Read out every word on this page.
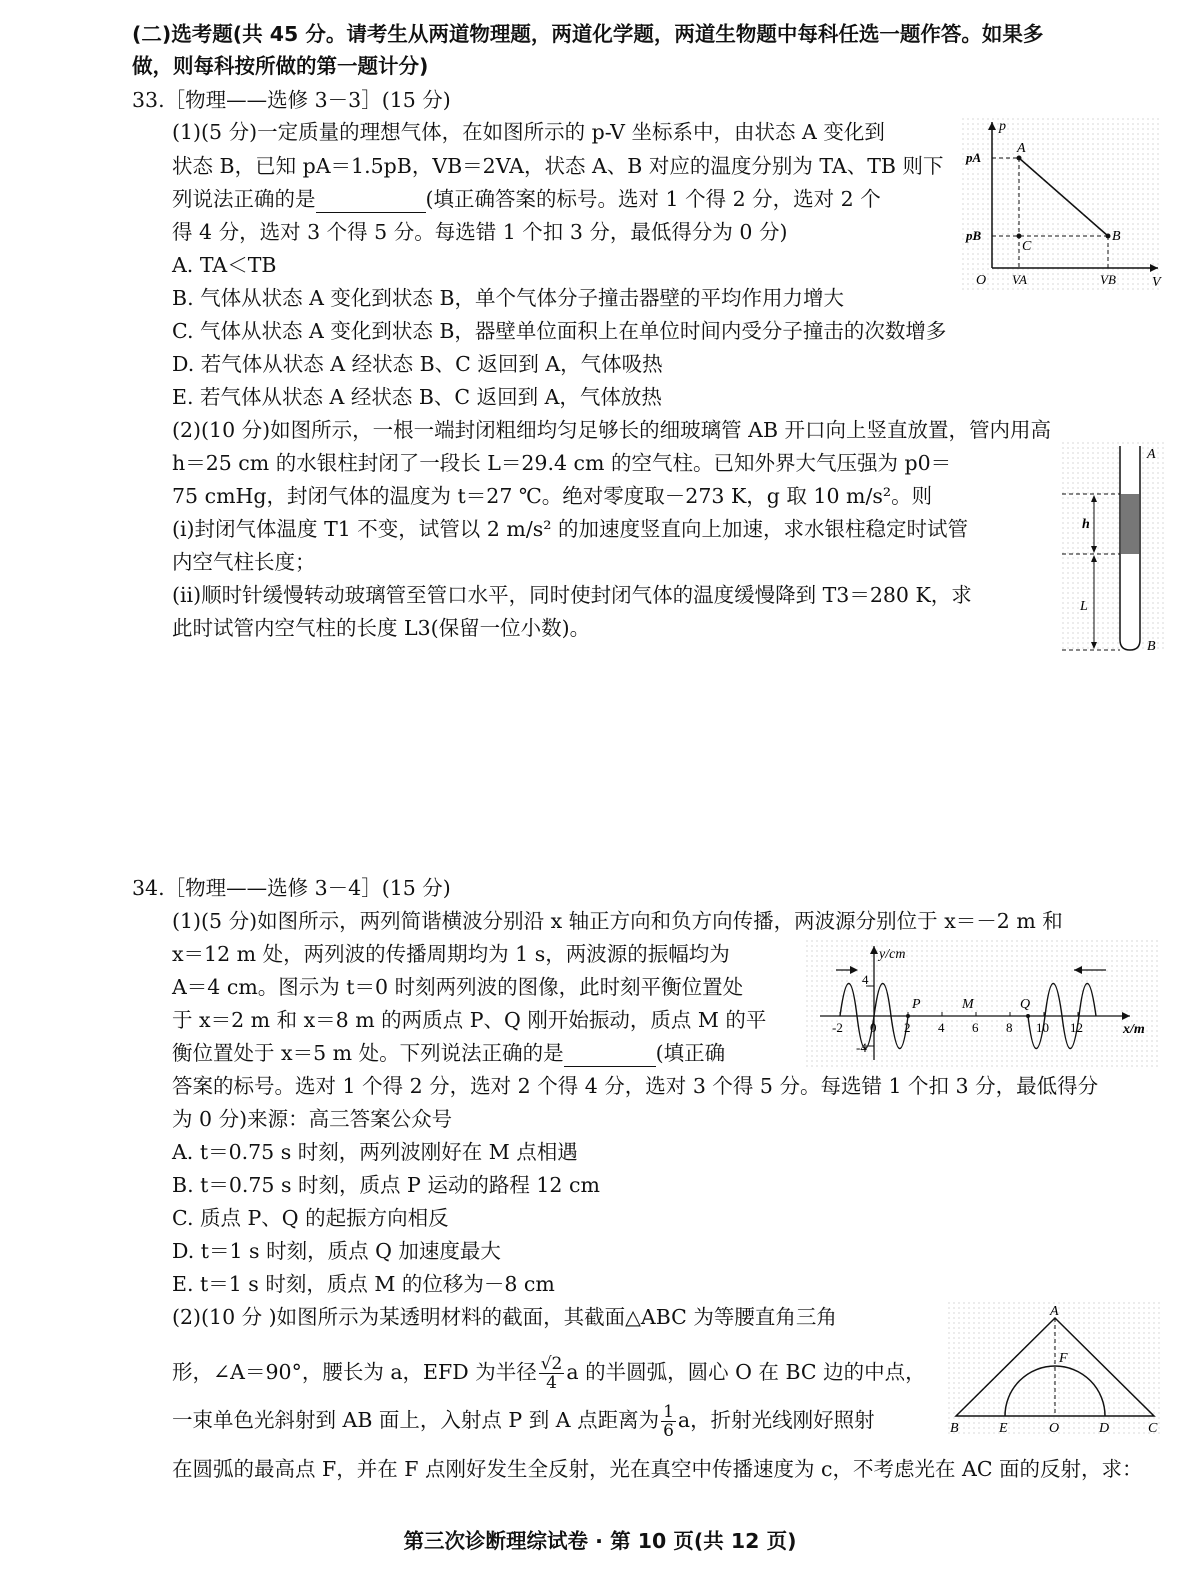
(二)选考题(共 45 分。请考生从两道物理题，两道化学题，两道生物题中每科任选一题作答。如果多
做，则每科按所做的第一题计分)
33.［物理——选修 3－3］(15 分)
(1)(5 分)一定质量的理想气体，在如图所示的 p-V 坐标系中，由状态 A 变化到
状态 B，已知 pA＝1.5pB，VB＝2VA，状态 A、B 对应的温度分别为 TA、TB 则下
列说法正确的是	(填正确答案的标号。选对 1 个得 2 分，选对 2 个
得 4 分，选对 3 个得 5 分。每选错 1 个扣 3 分，最低得分为 0 分)
A. TA＜TB
B. 气体从状态 A 变化到状态 B，单个气体分子撞击器壁的平均作用力增大
C. 气体从状态 A 变化到状态 B，器壁单位面积上在单位时间内受分子撞击的次数增多
D. 若气体从状态 A 经状态 B、C 返回到 A，气体吸热
E. 若气体从状态 A 经状态 B、C 返回到 A，气体放热
(2)(10 分)如图所示，一根一端封闭粗细均匀足够长的细玻璃管 AB 开口向上竖直放置，管内用高
h＝25 cm 的水银柱封闭了一段长 L＝29.4 cm 的空气柱。已知外界大气压强为 p0＝
75 cmHg，封闭气体的温度为 t＝27 ℃。绝对零度取－273 K，g 取 10 m/s²。则
(i)封闭气体温度 T1 不变，试管以 2 m/s² 的加速度竖直向上加速，求水银柱稳定时试管
内空气柱长度；
(ii)顺时针缓慢转动玻璃管至管口水平，同时使封闭气体的温度缓慢降到 T3＝280 K，求
此时试管内空气柱的长度 L3(保留一位小数)。
p
V
O
pA
pB
VA	VB
A
B
C
h
L
A
B
34.［物理——选修 3－4］(15 分)
(1)(5 分)如图所示，两列简谐横波分别沿 x 轴正方向和负方向传播，两波源分别位于 x＝－2 m 和
x＝12 m 处，两列波的传播周期均为 1 s，两波源的振幅均为
A＝4 cm。图示为 t＝0 时刻两列波的图像，此时刻平衡位置处
于 x＝2 m 和 x＝8 m 的两质点 P、Q 刚开始振动，质点 M 的平
衡位置处于 x＝5 m 处。下列说法正确的是	(填正确
答案的标号。选对 1 个得 2 分，选对 2 个得 4 分，选对 3 个得 5 分。每选错 1 个扣 3 分，最低得分
为 0 分)来源：高三答案公众号
A. t＝0.75 s 时刻，两列波刚好在 M 点相遇
B. t＝0.75 s 时刻，质点 P 运动的路程 12 cm
C. 质点 P、Q 的起振方向相反
D. t＝1 s 时刻，质点 Q 加速度最大
E. t＝1 s 时刻，质点 M 的位移为－8 cm
(2)(10 分 )如图所示为某透明材料的截面，其截面△ABC 为等腰直角三角
形，∠A＝90°，腰长为 a，EFD 为半径 $\frac{√2}{4}$ a 的半圆弧，圆心 O 在 BC 边的中点，
一束单色光斜射到 AB 面上，入射点 P 到 A 点距离为 $\frac{1}{6}$ a，折射光线刚好照射
在圆弧的最高点 F，并在 F 点刚好发生全反射，光在真空中传播速度为 c，不考虑光在 AC 面的反射，求：
y/cm
x/m
4
-4
-2 0 2 4 6 8 10 12
P	M	Q
A
B	C
E	O	D
F
第三次诊断理综试卷 · 第 10 页(共 12 页)
